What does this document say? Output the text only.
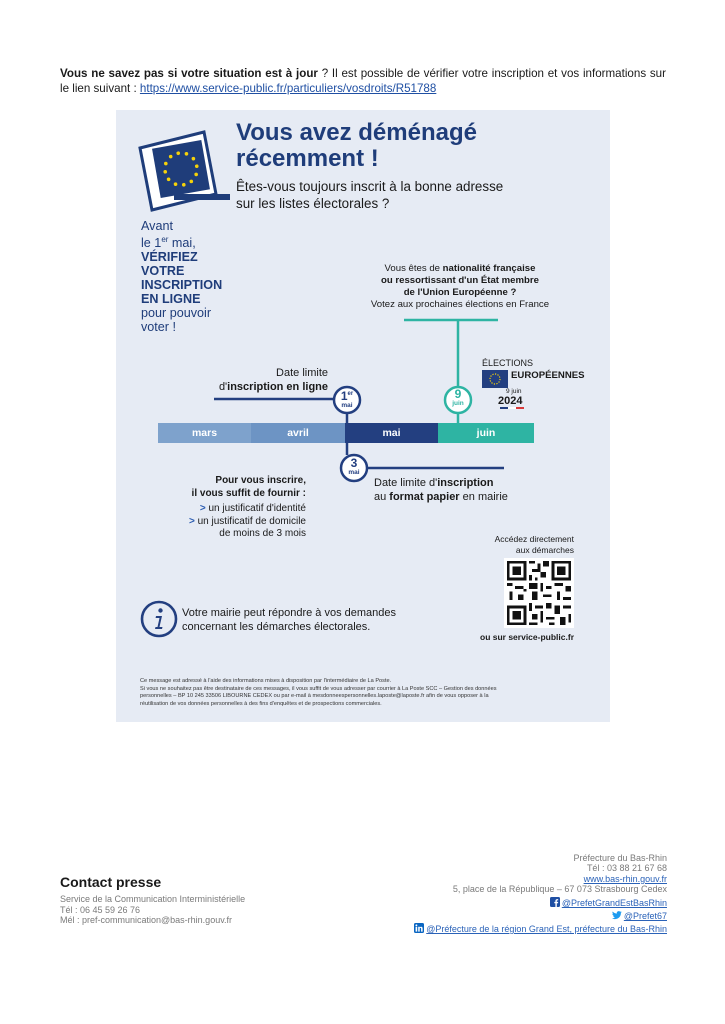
Vous ne savez pas si votre situation est à jour ? Il est possible de vérifier votre inscription et vos informations sur le lien suivant : https://www.service-public.fr/particuliers/vosdroits/R51788
Vous avez déménagé
récemment !
Êtes-vous toujours inscrit à la bonne adresse
sur les listes électorales ?
Avant
le 1er mai,
VÉRIFIEZ
VOTRE
INSCRIPTION
EN LIGNE
pour pouvoir
voter !
Vous êtes de nationalité française
ou ressortissant d'un État membre
de l'Union Européenne ?
Votez aux prochaines élections en France
1er
mai
9
juin
3
mai
Date limite
d'inscription en ligne
ÉLECTIONS
EUROPÉENNES
9 juin
2024
mars	avril	mai	juin
Date limite d'inscription
au format papier en mairie
Pour vous inscrire,
il vous suffit de fournir :
> un justificatif d'identité
> un justificatif de domicile
de moins de 3 mois	Accédez directement
aux démarches
ou sur service-public.fr
Votre mairie peut répondre à vos demandes
concernant les démarches électorales.
Ce message est adressé à l'aide des informations mises à disposition par l'intermédiaire de La Poste.
Si vous ne souhaitez pas être destinataire de ces messages, il vous suffit de vous adresser par courrier à La Poste SCC – Gestion des données
personnelles – BP 10 245 33506 LIBOURNE CEDEX ou par e-mail à mesdonneespersonnelles.laposte@laposte.fr afin de vous opposer à la
réutilisation de vos données personnelles à des fins d'enquêtes et de prospections commerciales.
Contact presse
Service de la Communication Interministérielle
Tél : 06 45 59 26 76
Mél : pref-communication@bas-rhin.gouv.fr
Préfecture du Bas-Rhin
Tél : 03 88 21 67 68
www.bas-rhin.gouv.fr
5, place de la République – 67 073 Strasbourg Cedex
@PrefetGrandEstBasRhin
@Prefet67
@Préfecture de la région Grand Est, préfecture du Bas-Rhin
